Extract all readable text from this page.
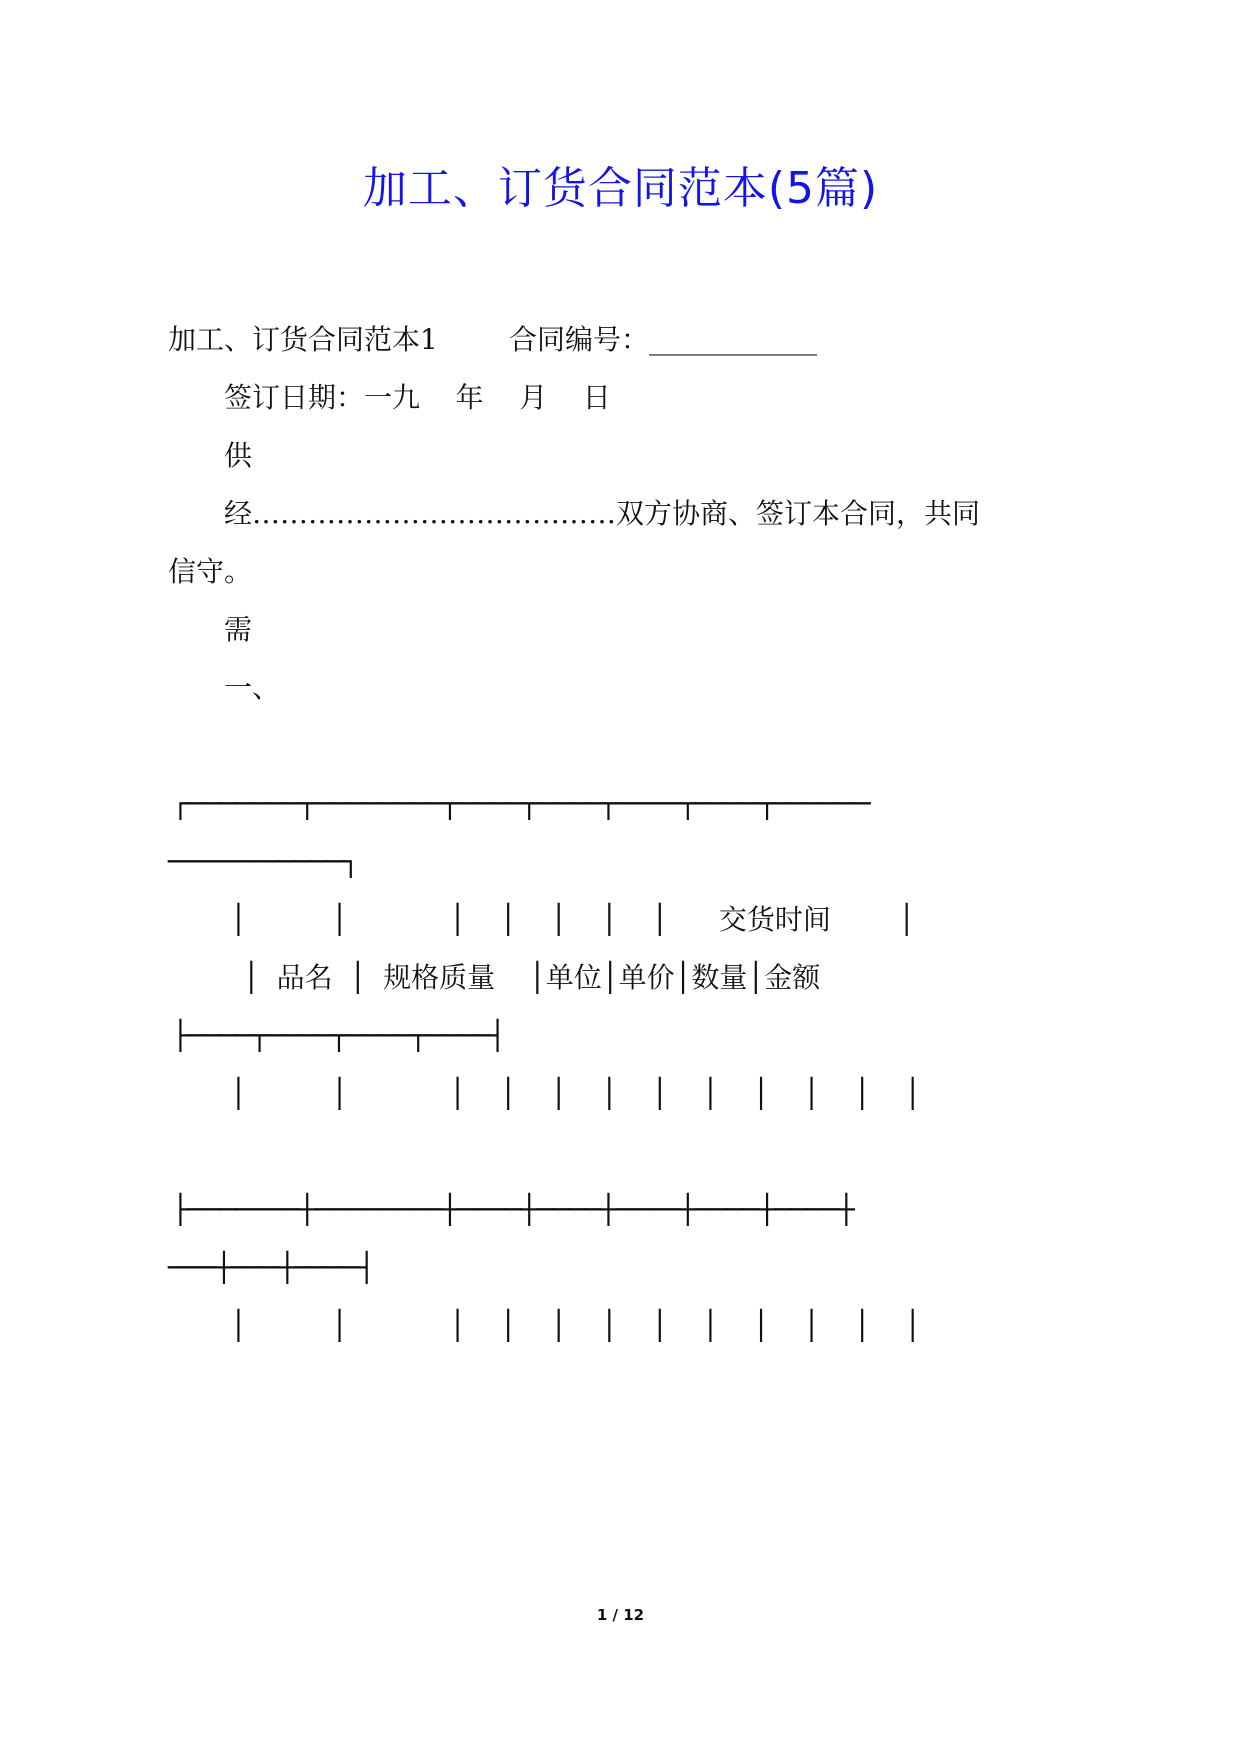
加工、订货合同范本(5篇)
加工、订货合同范本1        合同编号：____________
签订日期：一九    年    月    日
供
经…………………………………双方协商、签订本合同，共同
信守。
需
一、
┌───────┬────────┬────┬────┬────┬────┬──────
───────────┐
│     │      │  │  │  │  │   交货时间    │
│ 品名 │ 规格质量  │单位│单价│数量│金额
├────┬────┬────┬────┤
│     │      │  │  │  │  │  │  │  │  │  │
├───────┼────────┼────┼────┼────┼────┼────┼
───┼───┼────┤
│     │      │  │  │  │  │  │  │  │  │  │
1 / 12
